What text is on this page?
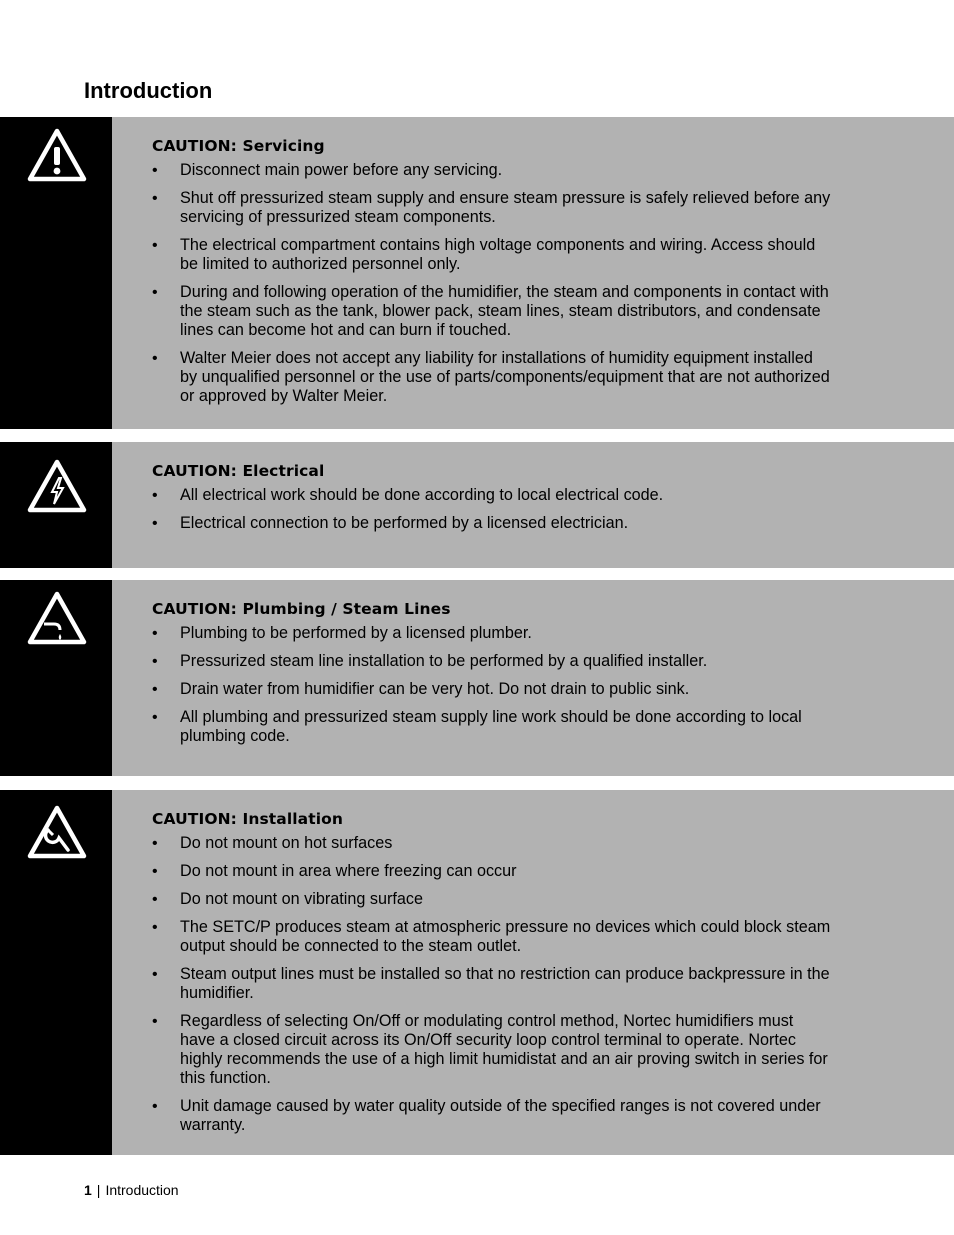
Introduction
CAUTION: Servicing
• Disconnect main power before any servicing.
• Shut off pressurized steam supply and ensure steam pressure is safely relieved before any servicing of pressurized steam components.
• The electrical compartment contains high voltage components and wiring. Access should be limited to authorized personnel only.
• During and following operation of the humidifier, the steam and components in contact with the steam such as the tank, blower pack, steam lines, steam distributors, and condensate lines can become hot and can burn if touched.
• Walter Meier does not accept any liability for installations of humidity equipment installed by unqualified personnel or the use of parts/components/equipment that are not authorized or approved by Walter Meier.
CAUTION: Electrical
• All electrical work should be done according to local electrical code.
• Electrical connection to be performed by a licensed electrician.
CAUTION: Plumbing / Steam Lines
• Plumbing to be performed by a licensed plumber.
• Pressurized steam line installation to be performed by a qualified installer.
• Drain water from humidifier can be very hot. Do not drain to public sink.
• All plumbing and pressurized steam supply line work should be done according to local plumbing code.
CAUTION: Installation
• Do not mount on hot surfaces
• Do not mount in area where freezing can occur
• Do not mount on vibrating surface
• The SETC/P produces steam at atmospheric pressure no devices which could block steam output should be connected to the steam outlet.
• Steam output lines must be installed so that no restriction can produce backpressure in the humidifier.
• Regardless of selecting On/Off or modulating control method, Nortec humidifiers must have a closed circuit across its On/Off security loop control terminal to operate. Nortec highly recommends the use of a high limit humidistat and an air proving switch in series for this function.
• Unit damage caused by water quality outside of the specified ranges is not covered under warranty.
1 | Introduction
